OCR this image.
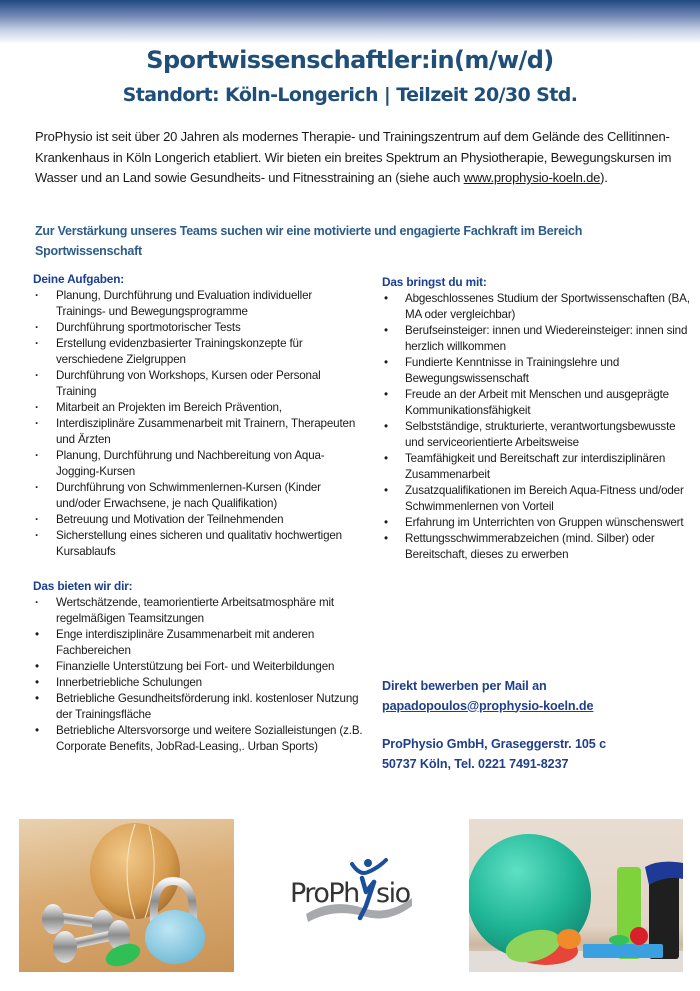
Sportwissenschaftler:in(m/w/d)
Standort: Köln-Longerich | Teilzeit 20/30 Std.

ProPhysio ist seit über 20 Jahren als modernes Therapie- und Trainingszentrum auf dem Gelände des Cellitinnen-Krankenhaus in Köln Longerich etabliert. Wir bieten ein breites Spektrum an Physiotherapie, Bewegungskursen im Wasser und an Land sowie Gesundheits- und Fitnesstraining an (siehe auch www.prophysio-koeln.de).

Zur Verstärkung unseres Teams suchen wir eine motivierte und engagierte Fachkraft im Bereich Sportwissenschaft

Deine Aufgaben:
·
Planung, Durchführung und Evaluation individueller Trainings- und Bewegungsprogramme
·
Durchführung sportmotorischer Tests
·
Erstellung evidenzbasierter Trainingskonzepte für verschiedene Zielgruppen
·
Durchführung von Workshops, Kursen oder Personal Training
·
Mitarbeit an Projekten im Bereich Prävention,
·
Interdisziplinäre Zusammenarbeit mit Trainern, Therapeuten und Ärzten
·
Planung, Durchführung und Nachbereitung von Aqua-Jogging-Kursen
·
Durchführung von Schwimmenlernen-Kursen (Kinder und/oder Erwachsene, je nach Qualifikation)
·
Betreuung und Motivation der Teilnehmenden
·
Sicherstellung eines sicheren und qualitativ hochwertigen Kursablaufs
Das bieten wir dir:
·
Wertschätzende, teamorientierte Arbeitsatmosphäre mit regelmäßigen Teamsitzungen
•
Enge interdisziplinäre Zusammenarbeit mit anderen Fachbereichen
•
Finanzielle Unterstützung bei Fort- und Weiterbildungen
•
Innerbetriebliche Schulungen
•
Betriebliche Gesundheitsförderung inkl. kostenloser Nutzung der Trainingsfläche
•
Betriebliche Altersvorsorge und weitere Sozialleistungen (z.B. Corporate Benefits, JobRad-Leasing,. Urban Sports)
Das bringst du mit:
•
Abgeschlossenes Studium der Sportwissenschaften (BA, MA oder vergleichbar)
•
Berufseinsteiger: innen und Wiedereinsteiger: innen sind herzlich willkommen
•
Fundierte Kenntnisse in Trainingslehre und Bewegungswissenschaft
•
Freude an der Arbeit mit Menschen und ausgeprägte Kommunikationsfähigkeit
•
Selbstständige, strukturierte, verantwortungsbewusste und serviceorientierte Arbeitsweise
•
Teamfähigkeit und Bereitschaft zur interdisziplinären Zusammenarbeit
•
Zusatzqualifikationen im Bereich Aqua-Fitness und/oder Schwimmenlernen von Vorteil
•
Erfahrung im Unterrichten von Gruppen wünschenswert
•
Rettungsschwimmerabzeichen (mind. Silber) oder Bereitschaft, dieses zu erwerben
Direkt bewerben per Mail an
papadopoulos@prophysio-koeln.de
ProPhysio GmbH, Graseggerstr. 105 c
50737 Köln, Tel. 0221 7491-8237
ProPh sio
